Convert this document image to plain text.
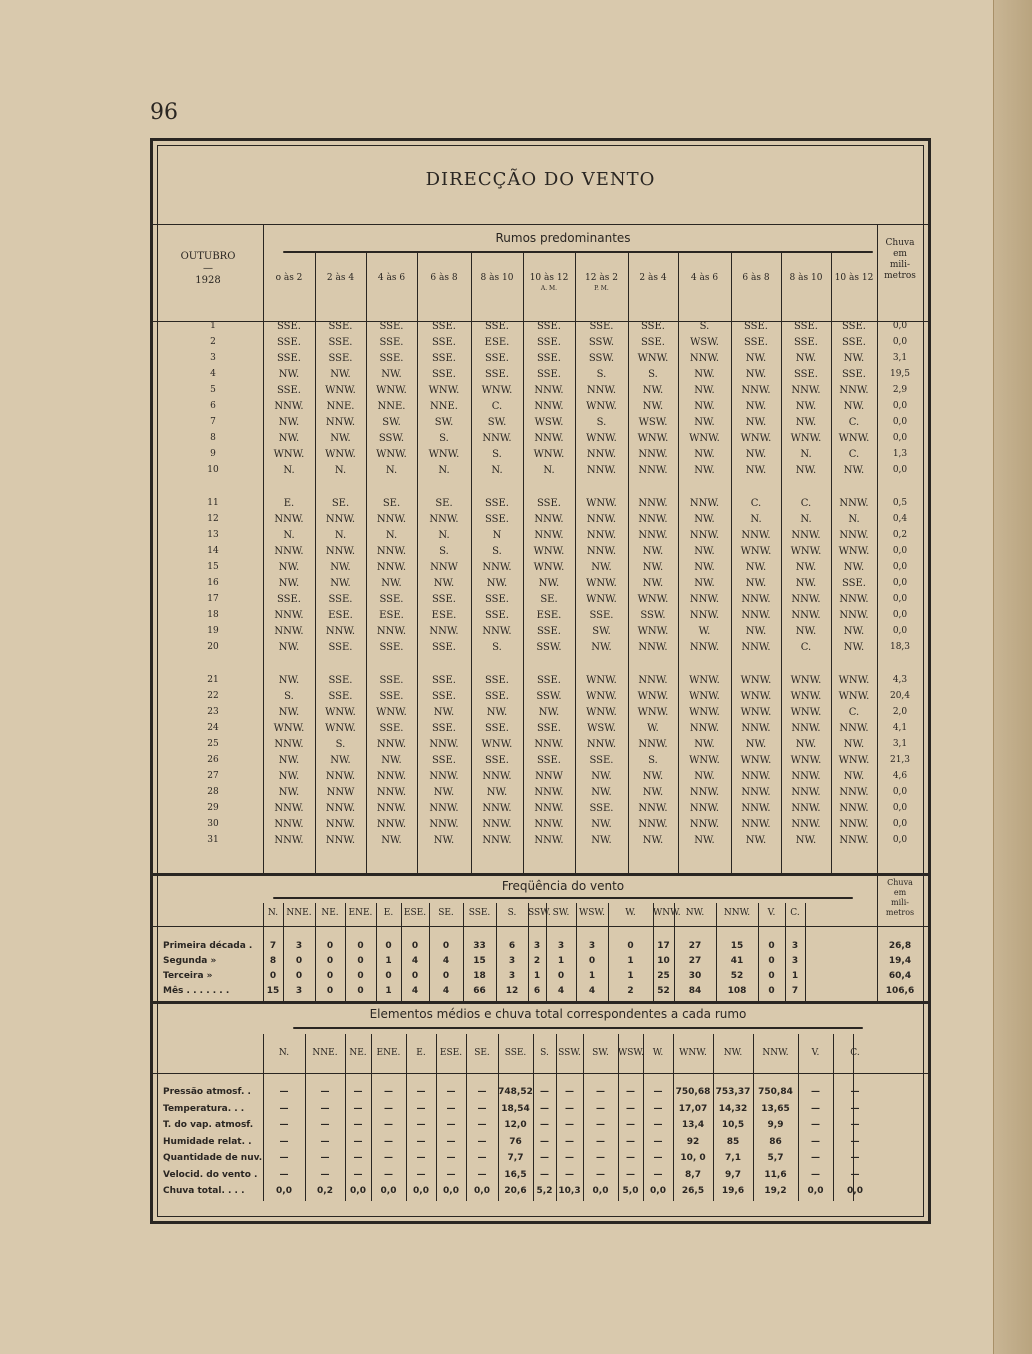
96
DIRECÇÃO DO VENTO
Rumos predominantes
OUTUBRO
—
1928	o às 2	2 às 4	4 às 6	6 às 8	8 às 10	10 às 12
A. M.
12 às 2
P. M.
2 às 4	4 às 6	6 às 8	8 às 10	10 às 12
Chuva
em
mili-
metros
1	SSE.	SSE.	SSE.	SSE.	SSE.	SSE.	SSE.	SSE.	S.	SSE.	SSE.	SSE.	0,0
2	SSE.	SSE.	SSE.	SSE.	ESE.	SSE.	SSW.	SSE.	WSW.	SSE.	SSE.	SSE.	0,0
3	SSE.	SSE.	SSE.	SSE.	SSE.	SSE.	SSW.	WNW.	NNW.	NW.	NW.	NW.	3,1
4	NW.	NW.	NW.	SSE.	SSE.	SSE.	S.	S.	NW.	NW.	SSE.	SSE.	19,5
5	SSE.	WNW.	WNW.	WNW.	WNW.	NNW.	NNW.	NW.	NW.	NNW.	NNW.	NNW.	2,9
6	NNW.	NNE.	NNE.	NNE.	C.	NNW.	WNW.	NW.	NW.	NW.	NW.	NW.	0,0
7	NW.	NNW.	SW.	SW.	SW.	WSW.	S.	WSW.	NW.	NW.	NW.	C.	0,0
8	NW.	NW.	SSW.	S.	NNW.	NNW.	WNW.	WNW.	WNW.	WNW.	WNW.	WNW.	0,0
9	WNW.	WNW.	WNW.	WNW.	S.	WNW.	NNW.	NNW.	NW.	NW.	N.	C.	1,3
10	N.	N.	N.	N.	N.	N.	NNW.	NNW.	NW.	NW.	NW.	NW.	0,0
11	E.	SE.	SE.	SE.	SSE.	SSE.	WNW.	NNW.	NNW.	C.	C.	NNW.	0,5
12	NNW.	NNW.	NNW.	NNW.	SSE.	NNW.	NNW.	NNW.	NW.	N.	N.	N.	0,4
13	N.	N.	N.	N.	N	NNW.	NNW.	NNW.	NNW.	NNW.	NNW.	NNW.	0,2
14	NNW.	NNW.	NNW.	S.	S.	WNW.	NNW.	NW.	NW.	WNW.	WNW.	WNW.	0,0
15	NW.	NW.	NNW.	NNW	NNW.	WNW.	NW.	NW.	NW.	NW.	NW.	NW.	0,0
16	NW.	NW.	NW.	NW.	NW.	NW.	WNW.	NW.	NW.	NW.	NW.	SSE.	0,0
17	SSE.	SSE.	SSE.	SSE.	SSE.	SE.	WNW.	WNW.	NNW.	NNW.	NNW.	NNW.	0,0
18	NNW.	ESE.	ESE.	ESE.	SSE.	ESE.	SSE.	SSW.	NNW.	NNW.	NNW.	NNW.	0,0
19	NNW.	NNW.	NNW.	NNW.	NNW.	SSE.	SW.	WNW.	W.	NW.	NW.	NW.	0,0
20	NW.	SSE.	SSE.	SSE.	S.	SSW.	NW.	NNW.	NNW.	NNW.	C.	NW.	18,3
21	NW.	SSE.	SSE.	SSE.	SSE.	SSE.	WNW.	NNW.	WNW.	WNW.	WNW.	WNW.	4,3
22	S.	SSE.	SSE.	SSE.	SSE.	SSW.	WNW.	WNW.	WNW.	WNW.	WNW.	WNW.	20,4
23	NW.	WNW.	WNW.	NW.	NW.	NW.	WNW.	WNW.	WNW.	WNW.	WNW.	C.	2,0
24	WNW.	WNW.	SSE.	SSE.	SSE.	SSE.	WSW.	W.	NNW.	NNW.	NNW.	NNW.	4,1
25	NNW.	S.	NNW.	NNW.	WNW.	NNW.	NNW.	NNW.	NW.	NW.	NW.	NW.	3,1
26	NW.	NW.	NW.	SSE.	SSE.	SSE.	SSE.	S.	WNW.	WNW.	WNW.	WNW.	21,3
27	NW.	NNW.	NNW.	NNW.	NNW.	NNW	NW.	NW.	NW.	NNW.	NNW.	NW.	4,6
28	NW.	NNW	NNW.	NW.	NW.	NNW.	NW.	NW.	NNW.	NNW.	NNW.	NNW.	0,0
29	NNW.	NNW.	NNW.	NNW.	NNW.	NNW.	SSE.	NNW.	NNW.	NNW.	NNW.	NNW.	0,0
30	NNW.	NNW.	NNW.	NNW.	NNW.	NNW.	NW.	NNW.	NNW.	NNW.	NNW.	NNW.	0,0
31	NNW.	NNW.	NW.	NW.	NNW.	NNW.	NW.	NW.	NW.	NW.	NW.	NNW.	0,0
Freqüência do vento	Chuva
em
mili-
metros
N. NNE.	NE.	ENE.	E.	ESE.	SE.	SSE.	S.	SSW. SW.	WSW.	W.	WNW. NW.	NNW.	V.	C.
Primeira década .	7	3	0	0	0	0	0	33	6	3	3	3	0	17	27	15	0	3	26,8
Segunda »	8	0	0	0	1	4	4	15	3	2	1	0	1	10	27	41	0	3	19,4
Terceira »	0	0	0	0	0	0	0	18	3	1	0	1	1	25	30	52	0	1	60,4
Mês . . . . . . .	15	3	0	0	1	4	4	66	12	6	4	4	2	52	84	108	0	7	106,6
Elementos médios e chuva total correspondentes a cada rumo
N.	NNE.	NE.	ENE.	E.	ESE.	SE.	SSE.	S.	SSW.	SW.	WSW. W.	WNW.	NW.	NNW.	V.	C.
Pressão atmosf. .	—	—	—	—	—	—	—	748,52 —	—	—	—	—	750,68 753,37 750,84	—	—
Temperatura. . .	—	—	—	—	—	—	—	18,54	—	—	—	—	—	17,07	14,32	13,65	—	—
T. do vap. atmosf.	—	—	—	—	—	—	—	12,0	—	—	—	—	—	13,4	10,5	9,9	—	—
Humidade relat. .	—	—	—	—	—	—	—	76	—	—	—	—	—	92	85	86	—	—
Quantidade de nuv.	—	—	—	—	—	—	—	7,7	—	—	—	—	—	10, 0	7,1	5,7	—	—
Velocid. do vento .	—	—	—	—	—	—	—	16,5	—	—	—	—	—	8,7	9,7	11,6	—	—
Chuva total. . . .	0,0	0,2	0,0	0,0	0,0	0,0	0,0	20,6	5,2 10,3	0,0	5,0	0,0	26,5	19,6	19,2	0,0	0,0
